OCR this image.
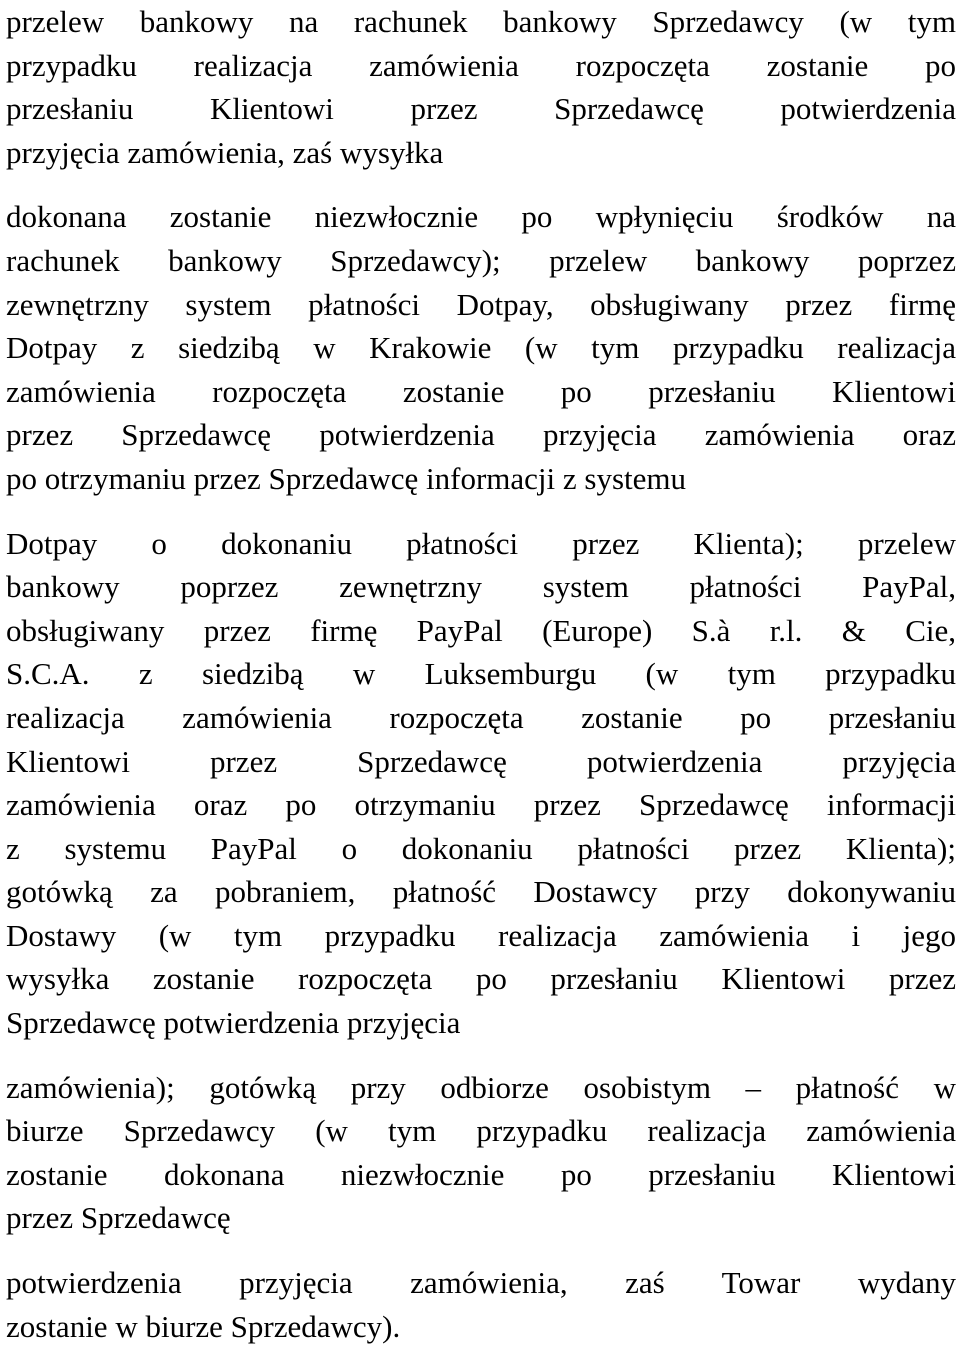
przelew bankowy na rachunek bankowy Sprzedawcy (w tym
przypadku realizacja zamówienia rozpoczęta zostanie po
przesłaniu Klientowi przez Sprzedawcę potwierdzenia
przyjęcia zamówienia, zaś wysyłka
dokonana zostanie niezwłocznie po wpłynięciu środków na
rachunek bankowy Sprzedawcy); przelew bankowy poprzez
zewnętrzny system płatności Dotpay, obsługiwany przez firmę
Dotpay z siedzibą w Krakowie (w tym przypadku realizacja
zamówienia rozpoczęta zostanie po przesłaniu Klientowi
przez Sprzedawcę potwierdzenia przyjęcia zamówienia oraz
po otrzymaniu przez Sprzedawcę informacji z systemu
Dotpay o dokonaniu płatności przez Klienta); przelew
bankowy poprzez zewnętrzny system płatności PayPal,
obsługiwany przez firmę PayPal (Europe) S.à r.l. & Cie,
S.C.A. z siedzibą w Luksemburgu (w tym przypadku
realizacja zamówienia rozpoczęta zostanie po przesłaniu
Klientowi przez Sprzedawcę potwierdzenia przyjęcia
zamówienia oraz po otrzymaniu przez Sprzedawcę informacji
z systemu PayPal o dokonaniu płatności przez Klienta);
gotówką za pobraniem, płatność Dostawcy przy dokonywaniu
Dostawy (w tym przypadku realizacja zamówienia i jego
wysyłka zostanie rozpoczęta po przesłaniu Klientowi przez
Sprzedawcę potwierdzenia przyjęcia
zamówienia); gotówką przy odbiorze osobistym – płatność w
biurze Sprzedawcy (w tym przypadku realizacja zamówienia
zostanie dokonana niezwłocznie po przesłaniu Klientowi
przez Sprzedawcę
potwierdzenia przyjęcia zamówienia, zaś Towar wydany
zostanie w biurze Sprzedawcy).
